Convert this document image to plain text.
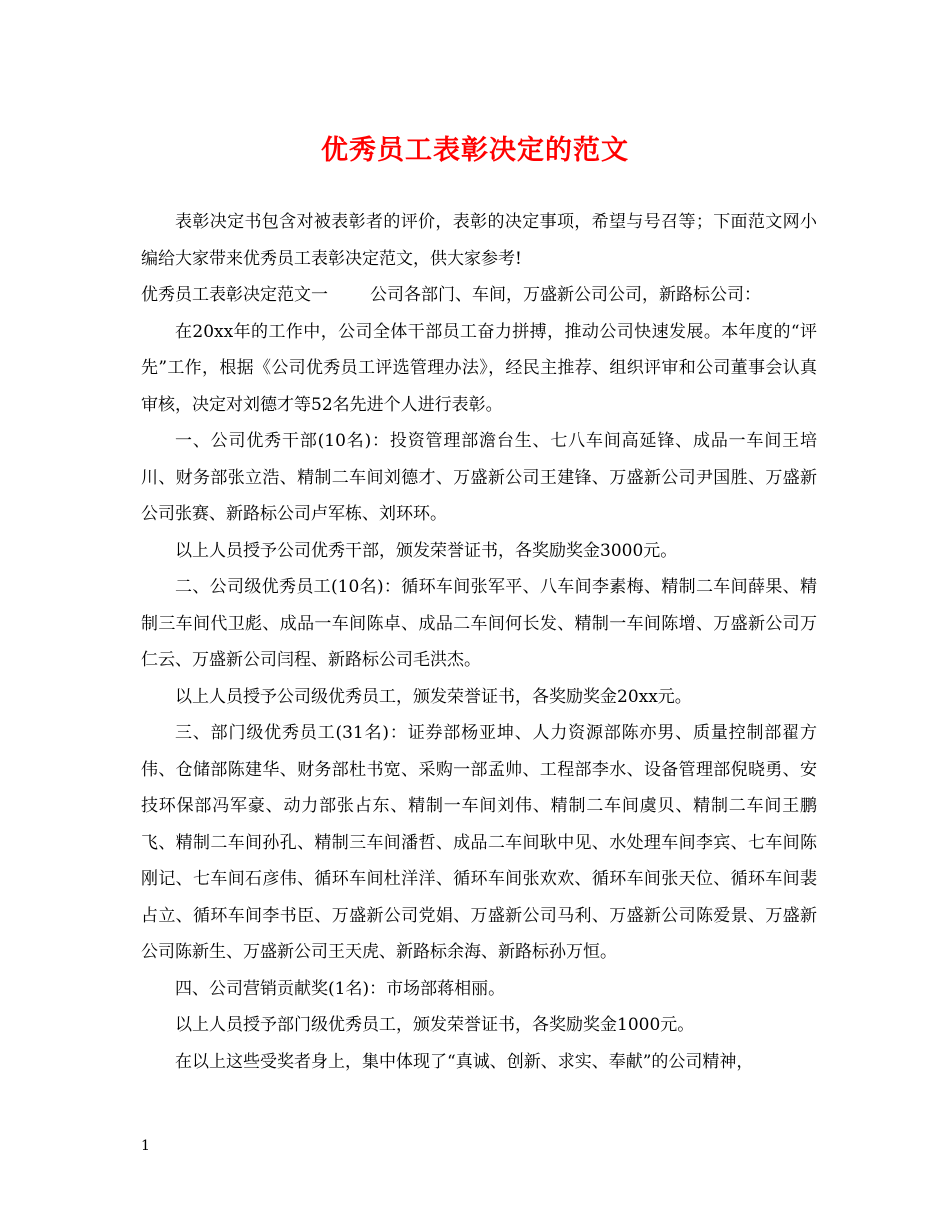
优秀员工表彰决定的范文

表彰决定书包含对被表彰者的评价，表彰的决定事项，希望与号召等；下面范文网小编给大家带来优秀员工表彰决定范文，供大家参考!

优秀员工表彰决定范文一 公司各部门、车间，万盛新公司公司，新路标公司：

在20xx年的工作中，公司全体干部员工奋力拼搏，推动公司快速发展。本年度的“评先”工作，根据《公司优秀员工评选管理办法》，经民主推荐、组织评审和公司董事会认真审核，决定对刘德才等52名先进个人进行表彰。

一、公司优秀干部(10名)：投资管理部澹台生、七八车间高延锋、成品一车间王培川、财务部张立浩、精制二车间刘德才、万盛新公司王建锋、万盛新公司尹国胜、万盛新公司张赛、新路标公司卢军栋、刘环环。

以上人员授予公司优秀干部，颁发荣誉证书，各奖励奖金3000元。

二、公司级优秀员工(10名)：循环车间张军平、八车间李素梅、精制二车间薛果、精制三车间代卫彪、成品一车间陈卓、成品二车间何长发、精制一车间陈增、万盛新公司万仁云、万盛新公司闫程、新路标公司毛洪杰。

以上人员授予公司级优秀员工，颁发荣誉证书，各奖励奖金20xx元。

三、部门级优秀员工(31名)：证券部杨亚坤、人力资源部陈亦男、质量控制部翟方伟、仓储部陈建华、财务部杜书宽、采购一部孟帅、工程部李水、设备管理部倪晓勇、安技环保部冯军豪、动力部张占东、精制一车间刘伟、精制二车间虞贝、精制二车间王鹏飞、精制二车间孙孔、精制三车间潘哲、成品二车间耿中见、水处理车间李宾、七车间陈刚记、七车间石彦伟、循环车间杜洋洋、循环车间张欢欢、循环车间张天位、循环车间裴占立、循环车间李书臣、万盛新公司党娟、万盛新公司马利、万盛新公司陈爱景、万盛新公司陈新生、万盛新公司王天虎、新路标余海、新路标孙万恒。

四、公司营销贡献奖(1名)：市场部蒋相丽。

以上人员授予部门级优秀员工，颁发荣誉证书，各奖励奖金1000元。

在以上这些受奖者身上，集中体现了“真诚、创新、求实、奉献”的公司精神，

1
